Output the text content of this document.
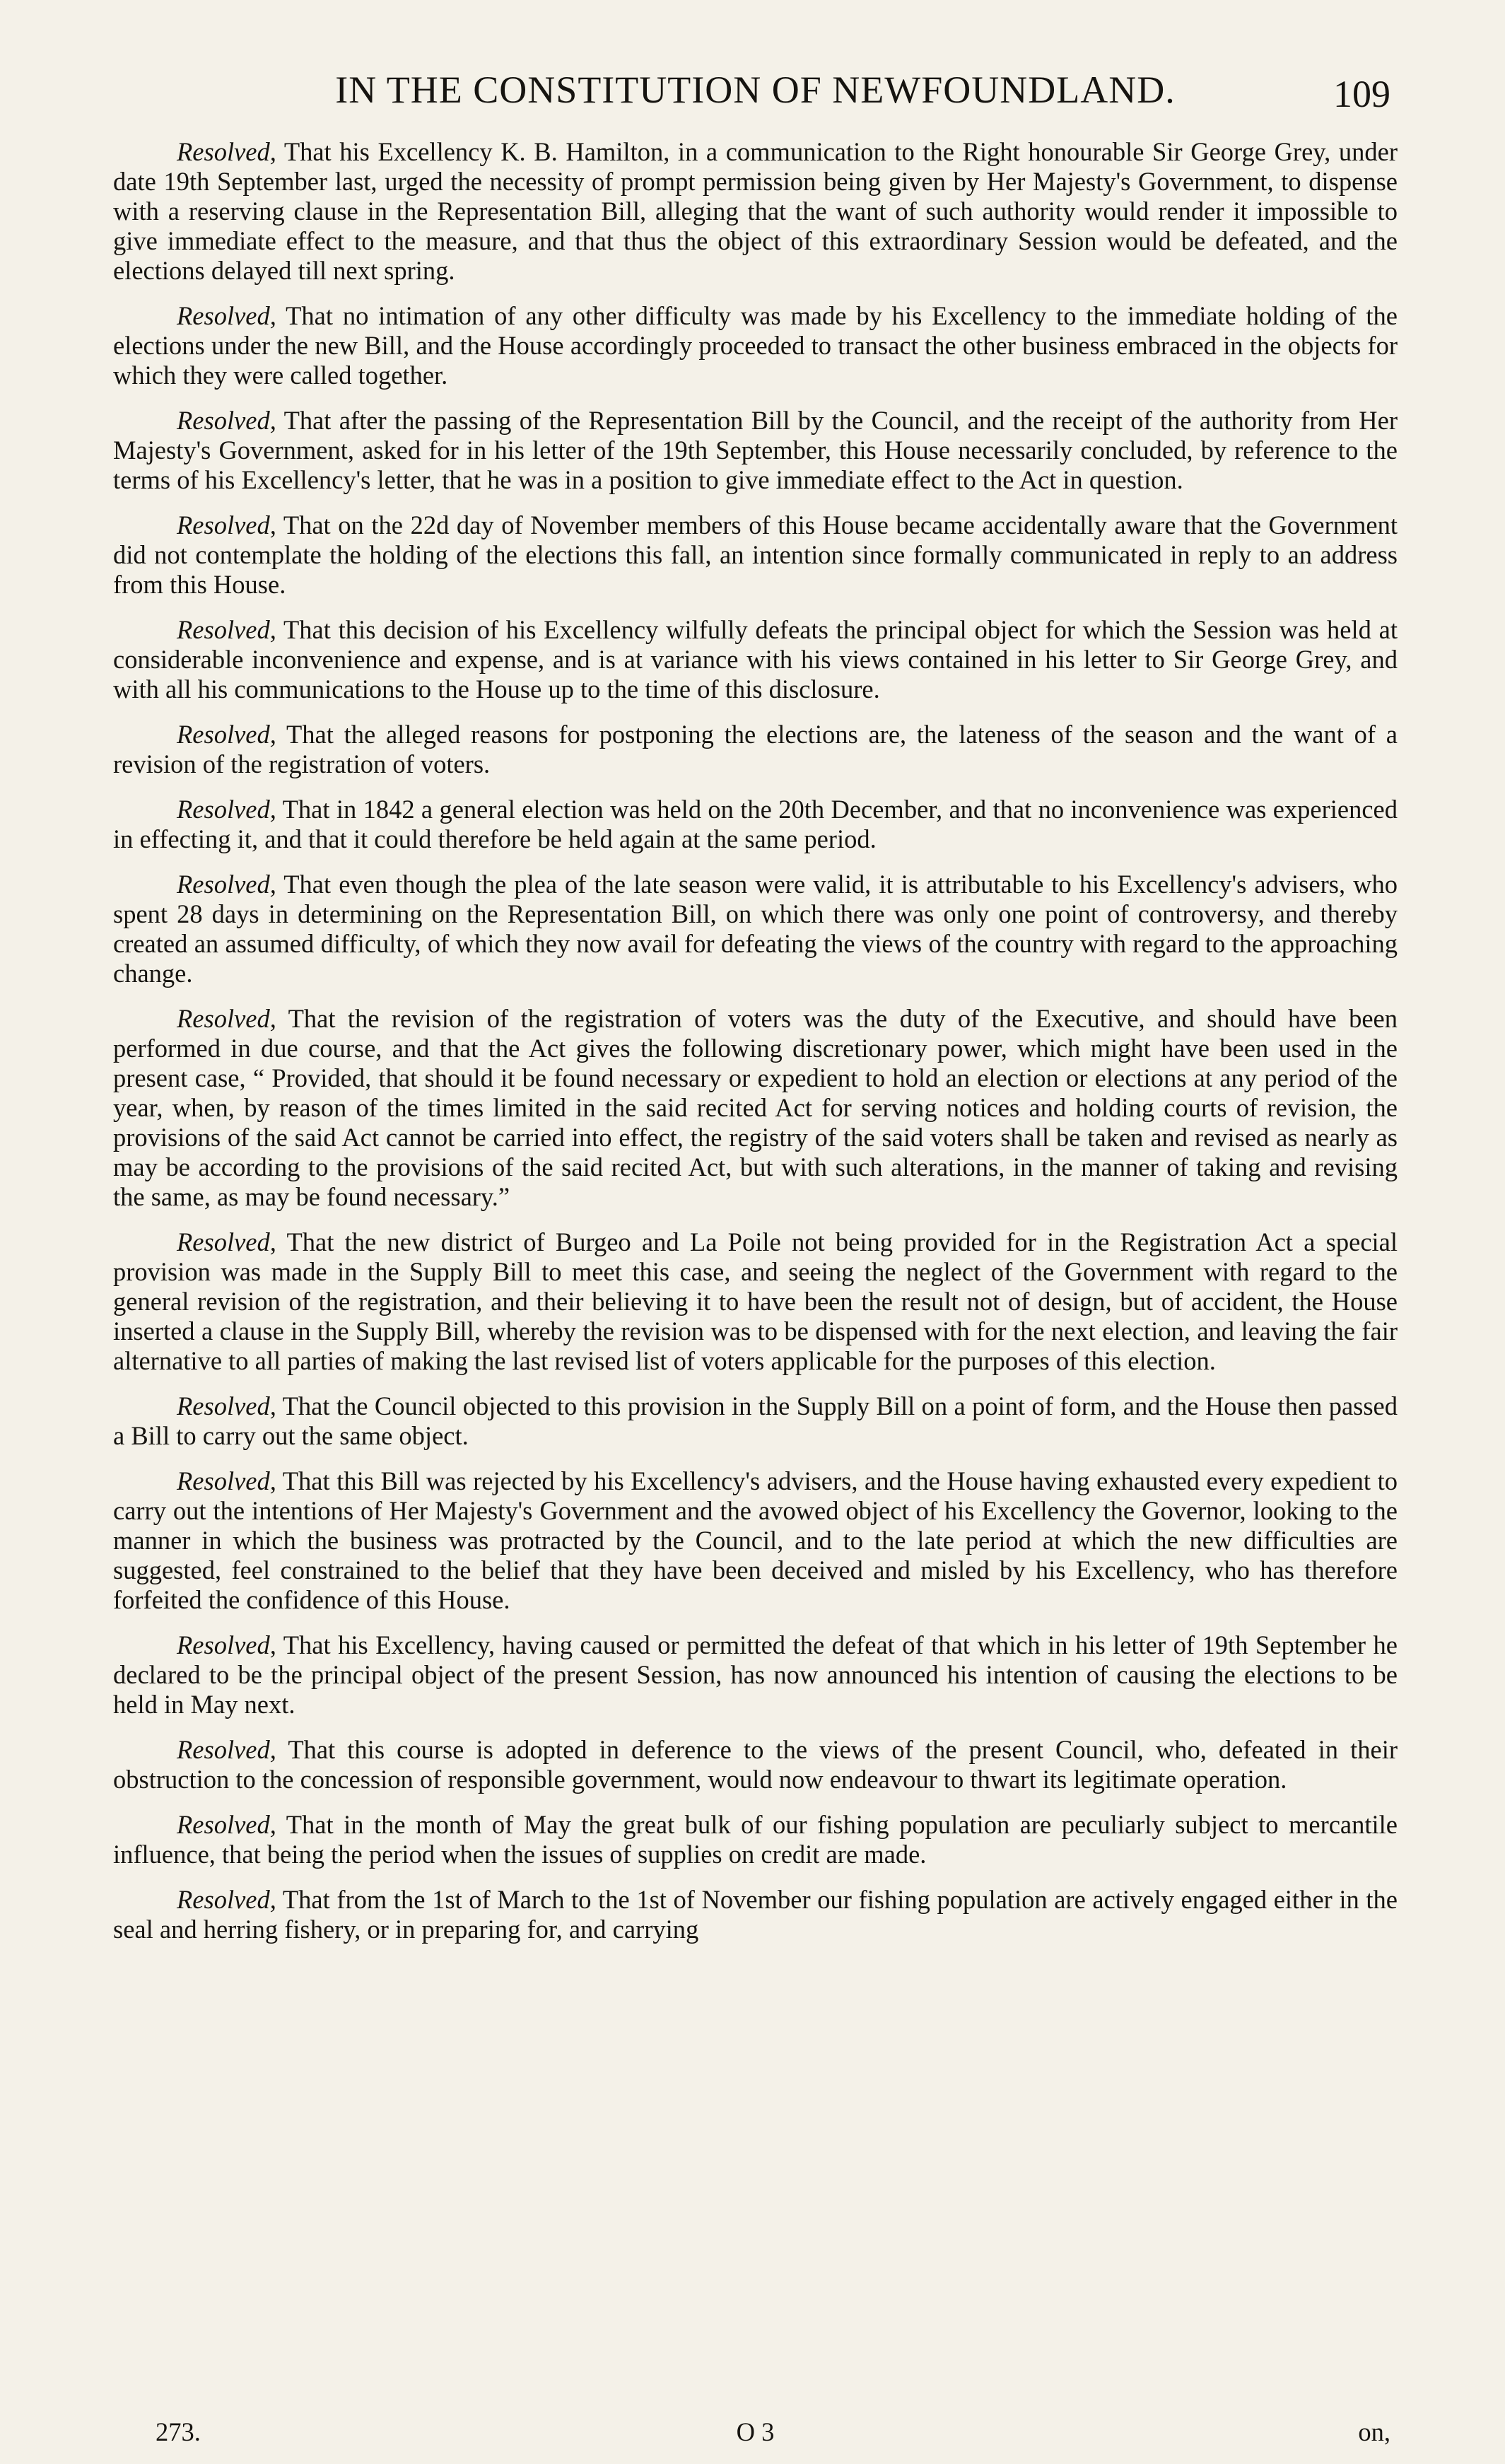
IN THE CONSTITUTION OF NEWFOUNDLAND.	109

Resolved, That his Excellency K. B. Hamilton, in a communication to the Right honourable Sir George Grey, under date 19th September last, urged the necessity of prompt permission being given by Her Majesty's Government, to dispense with a reserving clause in the Representation Bill, alleging that the want of such authority would render it impossible to give immediate effect to the measure, and that thus the object of this extraordinary Session would be defeated, and the elections delayed till next spring.

Resolved, That no intimation of any other difficulty was made by his Excellency to the immediate holding of the elections under the new Bill, and the House accordingly proceeded to transact the other business embraced in the objects for which they were called together.

Resolved, That after the passing of the Representation Bill by the Council, and the receipt of the authority from Her Majesty's Government, asked for in his letter of the 19th September, this House necessarily concluded, by reference to the terms of his Excellency's letter, that he was in a position to give immediate effect to the Act in question.

Resolved, That on the 22d day of November members of this House became accidentally aware that the Government did not contemplate the holding of the elections this fall, an intention since formally communicated in reply to an address from this House.

Resolved, That this decision of his Excellency wilfully defeats the principal object for which the Session was held at considerable inconvenience and expense, and is at variance with his views contained in his letter to Sir George Grey, and with all his communications to the House up to the time of this disclosure.

Resolved, That the alleged reasons for postponing the elections are, the lateness of the season and the want of a revision of the registration of voters.

Resolved, That in 1842 a general election was held on the 20th December, and that no inconvenience was experienced in effecting it, and that it could therefore be held again at the same period.

Resolved, That even though the plea of the late season were valid, it is attributable to his Excellency's advisers, who spent 28 days in determining on the Representation Bill, on which there was only one point of controversy, and thereby created an assumed difficulty, of which they now avail for defeating the views of the country with regard to the approaching change.

Resolved, That the revision of the registration of voters was the duty of the Executive, and should have been performed in due course, and that the Act gives the following discretionary power, which might have been used in the present case, “ Provided, that should it be found necessary or expedient to hold an election or elections at any period of the year, when, by reason of the times limited in the said recited Act for serving notices and holding courts of revision, the provisions of the said Act cannot be carried into effect, the registry of the said voters shall be taken and revised as nearly as may be according to the provisions of the said recited Act, but with such alterations, in the manner of taking and revising the same, as may be found necessary.”

Resolved, That the new district of Burgeo and La Poile not being provided for in the Registration Act a special provision was made in the Supply Bill to meet this case, and seeing the neglect of the Government with regard to the general revision of the registration, and their believing it to have been the result not of design, but of accident, the House inserted a clause in the Supply Bill, whereby the revision was to be dispensed with for the next election, and leaving the fair alternative to all parties of making the last revised list of voters applicable for the purposes of this election.

Resolved, That the Council objected to this provision in the Supply Bill on a point of form, and the House then passed a Bill to carry out the same object.

Resolved, That this Bill was rejected by his Excellency's advisers, and the House having exhausted every expedient to carry out the intentions of Her Majesty's Government and the avowed object of his Excellency the Governor, looking to the manner in which the business was protracted by the Council, and to the late period at which the new difficulties are suggested, feel constrained to the belief that they have been deceived and misled by his Excellency, who has therefore forfeited the confidence of this House.

Resolved, That his Excellency, having caused or permitted the defeat of that which in his letter of 19th September he declared to be the principal object of the present Session, has now announced his intention of causing the elections to be held in May next.

Resolved, That this course is adopted in deference to the views of the present Council, who, defeated in their obstruction to the concession of responsible government, would now endeavour to thwart its legitimate operation.

Resolved, That in the month of May the great bulk of our fishing population are peculiarly subject to mercantile influence, that being the period when the issues of supplies on credit are made.

Resolved, That from the 1st of March to the 1st of November our fishing population are actively engaged either in the seal and herring fishery, or in preparing for, and carrying

273.	O 3	on,
